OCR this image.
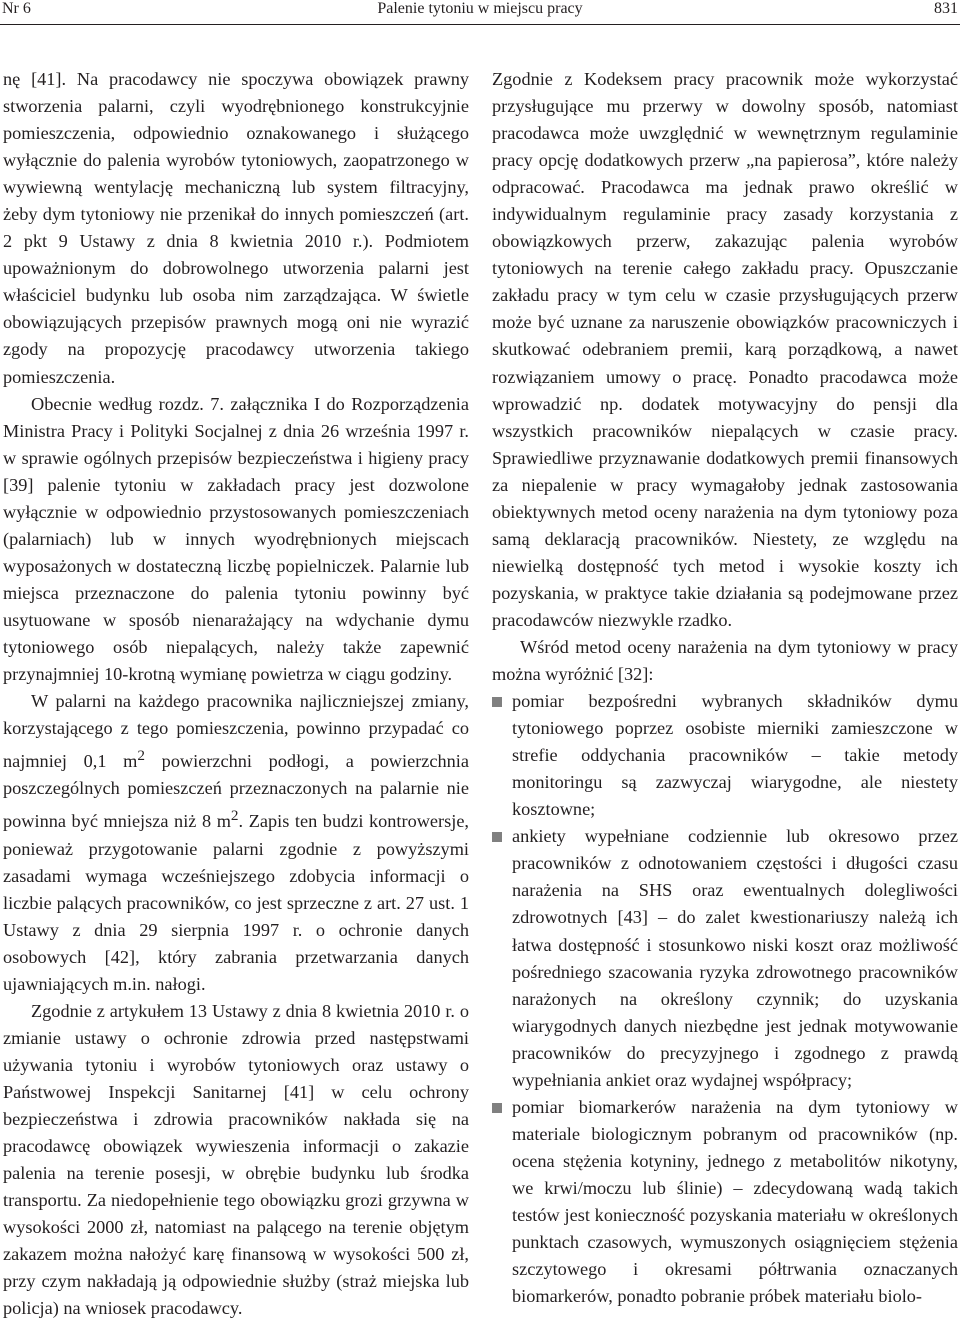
Nr 6	Palenie tytoniu w miejscu pracy	831

nę [41]. Na pracodawcy nie spoczywa obowiązek prawny stworzenia palarni, czyli wyodrębnionego konstrukcyjnie pomieszczenia, odpowiednio oznakowanego i służącego wyłącznie do palenia wyrobów tytoniowych, zaopatrzonego w wywiewną wentylację mechaniczną lub system filtracyjny, żeby dym tytoniowy nie przenikał do innych pomieszczeń (art. 2 pkt 9 Ustawy z dnia 8 kwietnia 2010 r.). Podmiotem upoważnionym do dobrowolnego utworzenia palarni jest właściciel budynku lub osoba nim zarządzająca. W świetle obowiązujących przepisów prawnych mogą oni nie wyrazić zgody na propozycję pracodawcy utworzenia takiego pomieszczenia.

Obecnie według rozdz. 7. załącznika I do Rozporządzenia Ministra Pracy i Polityki Socjalnej z dnia 26 września 1997 r. w sprawie ogólnych przepisów bezpieczeństwa i higieny pracy [39] palenie tytoniu w zakładach pracy jest dozwolone wyłącznie w odpowiednio przystosowanych pomieszczeniach (palarniach) lub w innych wyodrębnionych miejscach wyposażonych w dostateczną liczbę popielniczek. Palarnie lub miejsca przeznaczone do palenia tytoniu powinny być usytuowane w sposób nienarażający na wdychanie dymu tytoniowego osób niepalących, należy także zapewnić przynajmniej 10-krotną wymianę powietrza w ciągu godziny.

W palarni na każdego pracownika najliczniejszej zmiany, korzystającego z tego pomieszczenia, powinno przypadać co najmniej 0,1 $m^2$ powierzchni podłogi, a powierzchnia poszczególnych pomieszczeń przeznaczonych na palarnie nie powinna być mniejsza niż 8 $m^2$. Zapis ten budzi kontrowersje, ponieważ przygotowanie palarni zgodnie z powyższymi zasadami wymaga wcześniejszego zdobycia informacji o liczbie palących pracowników, co jest sprzeczne z art. 27 ust. 1 Ustawy z dnia 29 sierpnia 1997 r. o ochronie danych osobowych [42], który zabrania przetwarzania danych ujawniających m.in. nałogi.

Zgodnie z artykułem 13 Ustawy z dnia 8 kwietnia 2010 r. o zmianie ustawy o ochronie zdrowia przed następstwami używania tytoniu i wyrobów tytoniowych oraz ustawy o Państwowej Inspekcji Sanitarnej [41] w celu ochrony bezpieczeństwa i zdrowia pracowników nakłada się na pracodawcę obowiązek wywieszenia informacji o zakazie palenia na terenie posesji, w obrębie budynku lub środka transportu. Za niedopełnienie tego obowiązku grozi grzywna w wysokości 2000 zł, natomiast na palącego na terenie objętym zakazem można nałożyć karę finansową w wysokości 500 zł, przy czym nakładają ją odpowiednie służby (straż miejska lub policja) na wniosek pracodawcy.

Zgodnie z Kodeksem pracy pracownik może wykorzystać przysługujące mu przerwy w dowolny sposób, natomiast pracodawca może uwzględnić w wewnętrznym regulaminie pracy opcję dodatkowych przerw „na papierosa”, które należy odpracować. Pracodawca ma jednak prawo określić w indywidualnym regulaminie pracy zasady korzystania z obowiązkowych przerw, zakazując palenia wyrobów tytoniowych na terenie całego zakładu pracy. Opuszczanie zakładu pracy w tym celu w czasie przysługujących przerw może być uznane za naruszenie obowiązków pracowniczych i skutkować odebraniem premii, karą porządkową, a nawet rozwiązaniem umowy o pracę. Ponadto pracodawca może wprowadzić np. dodatek motywacyjny do pensji dla wszystkich pracowników niepalących w czasie pracy. Sprawiedliwe przyznawanie dodatkowych premii finansowych za niepalenie w pracy wymagałoby jednak zastosowania obiektywnych metod oceny narażenia na dym tytoniowy poza samą deklaracją pracowników. Niestety, ze względu na niewielką dostępność tych metod i wysokie koszty ich pozyskania, w praktyce takie działania są podejmowane przez pracodawców niezwykle rzadko.

Wśród metod oceny narażenia na dym tytoniowy w pracy można wyróżnić [32]:

pomiar bezpośredni wybranych składników dymu tytoniowego poprzez osobiste mierniki zamieszczone w strefie oddychania pracowników – takie metody monitoringu są zazwyczaj wiarygodne, ale niestety kosztowne;
ankiety wypełniane codziennie lub okresowo przez pracowników z odnotowaniem częstości i długości czasu narażenia na SHS oraz ewentualnych dolegliwości zdrowotnych [43] – do zalet kwestionariuszy należą ich łatwa dostępność i stosunkowo niski koszt oraz możliwość pośredniego szacowania ryzyka zdrowotnego pracowników narażonych na określony czynnik; do uzyskania wiarygodnych danych niezbędne jest jednak motywowanie pracowników do precyzyjnego i zgodnego z prawdą wypełniania ankiet oraz wydajnej współpracy;
pomiar biomarkerów narażenia na dym tytoniowy w materiale biologicznym pobranym od pracowników (np. ocena stężenia kotyniny, jednego z metabolitów nikotyny, we krwi/moczu lub ślinie) – zdecydowaną wadą takich testów jest konieczność pozyskania materiału w określonych punktach czasowych, wymuszonych osiągnięciem stężenia szczytowego i okresami półtrwania oznaczanych biomarkerów, ponadto pobranie próbek materiału biolo-
